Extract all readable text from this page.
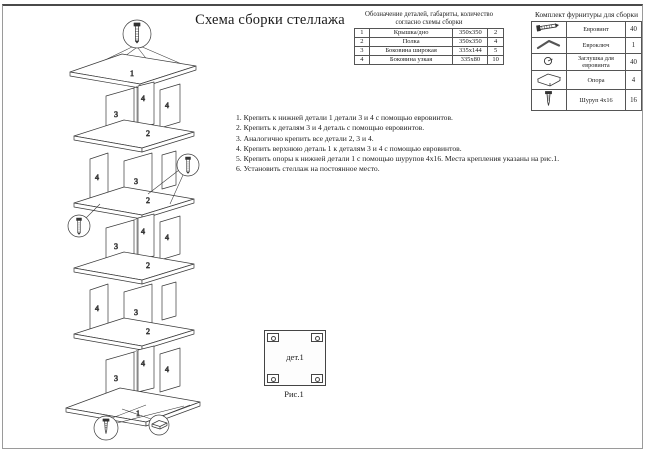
Схема сборки стеллажа	Обозначение деталей, габариты, количество
согласно схемы сборки
1	Крышка/дно	350x350	2
2	Полка	350x350	4
3	Боковина широкая	335x144	5
4	Боковина узкая	335x80	10
Комплект фурнитуры для сборки
	Евровинт	40
	Евроключ	1
	Заглушка для евровинта	40
	Опора	4
	Шуруп 4x16	16
1. Крепить к нижней детали 1 детали 3 и 4 с помощью евровинтов.
2. Крепить к деталям 3 и 4 деталь с помощью евровинтов.
3. Аналогично крепить все детали 2, 3 и 4.
4. Крепить верхнюю деталь 1 к деталям 3 и 4 с помощью евровинтов.
5. Крепить опоры к нижней детали 1 с помощью шурупов 4x16. Места крепления указаны на рис.1.
6. Установить стеллаж на постоянное место.
дет.1
Рис.1
1
4
4
3
2
4	3
2
4
4
3
2
4	3
2
4
4
3
1
